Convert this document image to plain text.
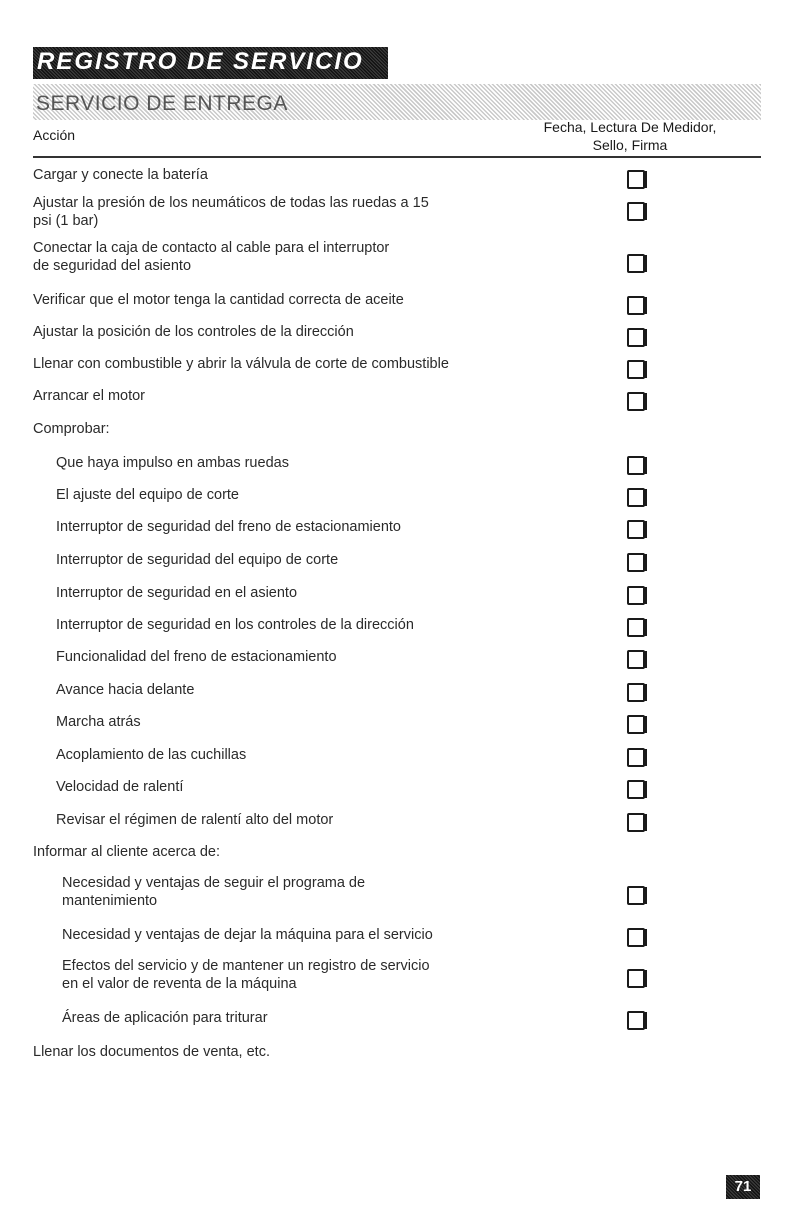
REGISTRO DE SERVICIO
SERVICIO DE ENTREGA
Acción	Fecha, Lectura De Medidor,
Sello, Firma
Cargar y conecte la batería
Ajustar la presión de los neumáticos de todas las ruedas a 15
psi (1 bar)
Conectar la caja de contacto al cable para el interruptor
de seguridad del asiento
Verificar que el motor tenga la cantidad correcta de aceite
Ajustar la posición de los controles de la dirección
Llenar con combustible y abrir la válvula de corte de combustible
Arrancar el motor
Comprobar:
Que haya impulso en ambas ruedas
El ajuste del equipo de corte
Interruptor de seguridad del freno de estacionamiento
Interruptor de seguridad del equipo de corte
Interruptor de seguridad en el asiento
Interruptor de seguridad en los controles de la dirección
Funcionalidad del freno de estacionamiento
Avance hacia delante
Marcha atrás
Acoplamiento de las cuchillas
Velocidad de ralentí
Revisar el régimen de ralentí alto del motor
Informar al cliente acerca de:
Necesidad y ventajas de seguir el programa de
mantenimiento
Necesidad y ventajas de dejar la máquina para el servicio
Efectos del servicio y de mantener un registro de servicio
en el valor de reventa de la máquina
Áreas de aplicación para triturar
Llenar los documentos de venta, etc.
71
